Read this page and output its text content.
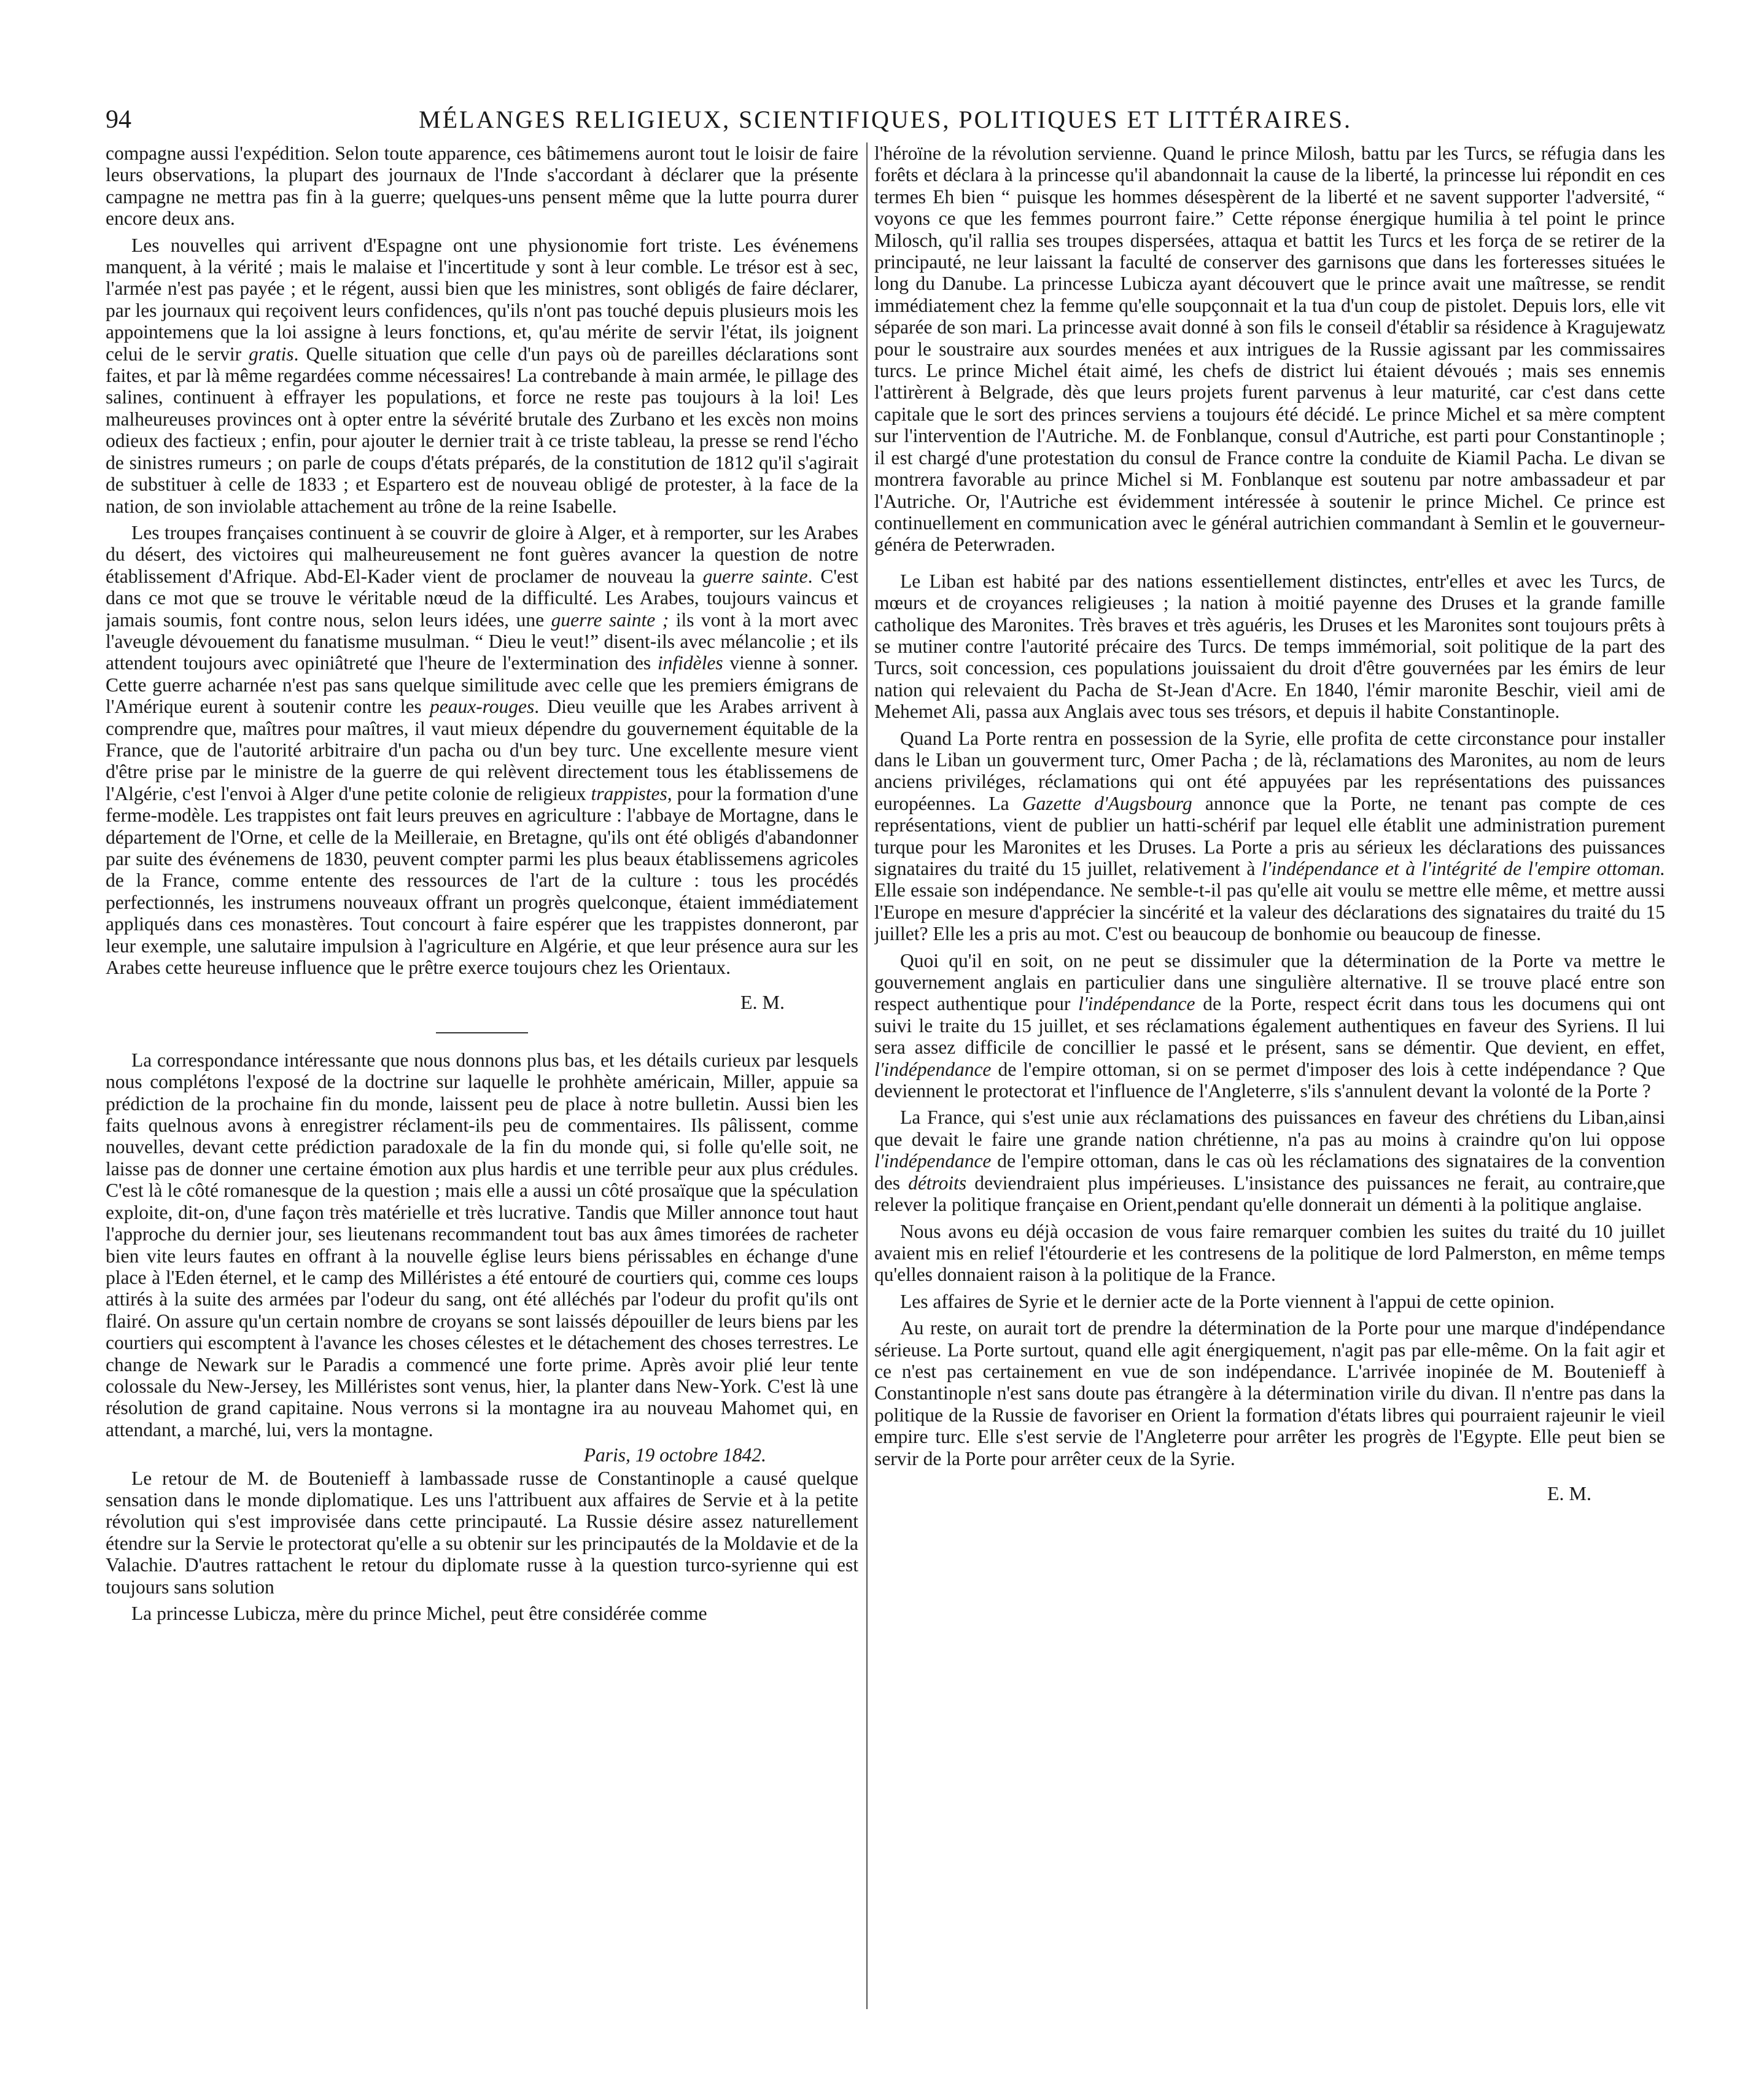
94	MÉLANGES RELIGIEUX, SCIENTIFIQUES, POLITIQUES ET LITTÉRAIRES.

compagne aussi l'expédition. Selon toute apparence, ces bâtimemens auront tout le loisir de faire leurs observations, la plupart des journaux de l'Inde s'accordant à déclarer que la présente campagne ne mettra pas fin à la guerre; quelques-uns pensent même que la lutte pourra durer encore deux ans.

Les nouvelles qui arrivent d'Espagne ont une physionomie fort triste. Les événemens manquent, à la vérité ; mais le malaise et l'incertitude y sont à leur comble. Le trésor est à sec, l'armée n'est pas payée ; et le régent, aussi bien que les ministres, sont obligés de faire déclarer, par les journaux qui reçoivent leurs confidences, qu'ils n'ont pas touché depuis plusieurs mois les appointemens que la loi assigne à leurs fonctions, et, qu'au mérite de servir l'état, ils joignent celui de le servir gratis. Quelle situation que celle d'un pays où de pareilles déclarations sont faites, et par là même regardées comme nécessaires! La contrebande à main armée, le pillage des salines, continuent à effrayer les populations, et force ne reste pas toujours à la loi! Les malheureuses provinces ont à opter entre la sévérité brutale des Zurbano et les excès non moins odieux des factieux ; enfin, pour ajouter le dernier trait à ce triste tableau, la presse se rend l'écho de sinistres rumeurs ; on parle de coups d'états préparés, de la constitution de 1812 qu'il s'agirait de substituer à celle de 1833 ; et Espartero est de nouveau obligé de protester, à la face de la nation, de son inviolable attachement au trône de la reine Isabelle.

Les troupes françaises continuent à se couvrir de gloire à Alger, et à remporter, sur les Arabes du désert, des victoires qui malheureusement ne font guères avancer la question de notre établissement d'Afrique. Abd-El-Kader vient de proclamer de nouveau la guerre sainte. C'est dans ce mot que se trouve le véritable nœud de la difficulté. Les Arabes, toujours vaincus et jamais soumis, font contre nous, selon leurs idées, une guerre sainte ; ils vont à la mort avec l'aveugle dévouement du fanatisme musulman. “ Dieu le veut!” disent-ils avec mélancolie ; et ils attendent toujours avec opiniâtreté que l'heure de l'extermination des infidèles vienne à sonner. Cette guerre acharnée n'est pas sans quelque similitude avec celle que les premiers émigrans de l'Amérique eurent à soutenir contre les peaux-rouges. Dieu veuille que les Arabes arrivent à comprendre que, maîtres pour maîtres, il vaut mieux dépendre du gouvernement équitable de la France, que de l'autorité arbitraire d'un pacha ou d'un bey turc. Une excellente mesure vient d'être prise par le ministre de la guerre de qui relèvent directement tous les établissemens de l'Algérie, c'est l'envoi à Alger d'une petite colonie de religieux trappistes, pour la formation d'une ferme-modèle. Les trappistes ont fait leurs preuves en agriculture : l'abbaye de Mortagne, dans le département de l'Orne, et celle de la Meilleraie, en Bretagne, qu'ils ont été obligés d'abandonner par suite des événemens de 1830, peuvent compter parmi les plus beaux établissemens agricoles de la France, comme entente des ressources de l'art de la culture : tous les procédés perfectionnés, les instrumens nouveaux offrant un progrès quelconque, étaient immédiatement appliqués dans ces monastères. Tout concourt à faire espérer que les trappistes donneront, par leur exemple, une salutaire impulsion à l'agriculture en Algérie, et que leur présence aura sur les Arabes cette heureuse influence que le prêtre exerce toujours chez les Orientaux.

E. M.

La correspondance intéressante que nous donnons plus bas, et les détails curieux par lesquels nous complétons l'exposé de la doctrine sur laquelle le prohhète américain, Miller, appuie sa prédiction de la prochaine fin du monde, laissent peu de place à notre bulletin. Aussi bien les faits quelnous avons à enregistrer réclament-ils peu de commentaires. Ils pâlissent, comme nouvelles, devant cette prédiction paradoxale de la fin du monde qui, si folle qu'elle soit, ne laisse pas de donner une certaine émotion aux plus hardis et une terrible peur aux plus crédules. C'est là le côté romanesque de la question ; mais elle a aussi un côté prosaïque que la spéculation exploite, dit-on, d'une façon très matérielle et très lucrative. Tandis que Miller annonce tout haut l'approche du dernier jour, ses lieutenans recommandent tout bas aux âmes timorées de racheter bien vite leurs fautes en offrant à la nouvelle église leurs biens périssables en échange d'une place à l'Eden éternel, et le camp des Milléristes a été entouré de courtiers qui, comme ces loups attirés à la suite des armées par l'odeur du sang, ont été alléchés par l'odeur du profit qu'ils ont flairé. On assure qu'un certain nombre de croyans se sont laissés dépouiller de leurs biens par les courtiers qui escomptent à l'avance les choses célestes et le détachement des choses terrestres. Le change de Newark sur le Paradis a commencé une forte prime. Après avoir plié leur tente colossale du New-Jersey, les Milléristes sont venus, hier, la planter dans New-York. C'est là une résolution de grand capitaine. Nous verrons si la montagne ira au nouveau Mahomet qui, en attendant, a marché, lui, vers la montagne.

Paris, 19 octobre 1842.

Le retour de M. de Boutenieff à lambassade russe de Constantinople a causé quelque sensation dans le monde diplomatique. Les uns l'attribuent aux affaires de Servie et à la petite révolution qui s'est improvisée dans cette principauté. La Russie désire assez naturellement étendre sur la Servie le protectorat qu'elle a su obtenir sur les principautés de la Moldavie et de la Valachie. D'autres rattachent le retour du diplomate russe à la question turco-syrienne qui est toujours sans solution

La princesse Lubicza, mère du prince Michel, peut être considérée comme

l'héroïne de la révolution servienne. Quand le prince Milosh, battu par les Turcs, se réfugia dans les forêts et déclara à la princesse qu'il abandonnait la cause de la liberté, la princesse lui répondit en ces termes Eh bien “ puisque les hommes désespèrent de la liberté et ne savent supporter l'adversité, “ voyons ce que les femmes pourront faire.” Cette réponse énergique humilia à tel point le prince Milosch, qu'il rallia ses troupes dispersées, attaqua et battit les Turcs et les força de se retirer de la principauté, ne leur laissant la faculté de conserver des garnisons que dans les forteresses situées le long du Danube. La princesse Lubicza ayant découvert que le prince avait une maîtresse, se rendit immédiatement chez la femme qu'elle soupçonnait et la tua d'un coup de pistolet. Depuis lors, elle vit séparée de son mari. La princesse avait donné à son fils le conseil d'établir sa résidence à Kragujewatz pour le soustraire aux sourdes menées et aux intrigues de la Russie agissant par les commissaires turcs. Le prince Michel était aimé, les chefs de district lui étaient dévoués ; mais ses ennemis l'attirèrent à Belgrade, dès que leurs projets furent parvenus à leur maturité, car c'est dans cette capitale que le sort des princes serviens a toujours été décidé. Le prince Michel et sa mère comptent sur l'intervention de l'Autriche. M. de Fonblanque, consul d'Autriche, est parti pour Constantinople ; il est chargé d'une protestation du consul de France contre la conduite de Kiamil Pacha. Le divan se montrera favorable au prince Michel si M. Fonblanque est soutenu par notre ambassadeur et par l'Autriche. Or, l'Autriche est évidemment intéressée à soutenir le prince Michel. Ce prince est continuellement en communication avec le général autrichien commandant à Semlin et le gouverneur-généra de Peterwraden.

Le Liban est habité par des nations essentiellement distinctes, entr'elles et avec les Turcs, de mœurs et de croyances religieuses ; la nation à moitié payenne des Druses et la grande famille catholique des Maronites. Très braves et très aguéris, les Druses et les Maronites sont toujours prêts à se mutiner contre l'autorité précaire des Turcs. De temps immémorial, soit politique de la part des Turcs, soit concession, ces populations jouissaient du droit d'être gouvernées par les émirs de leur nation qui relevaient du Pacha de St-Jean d'Acre. En 1840, l'émir maronite Beschir, vieil ami de Mehemet Ali, passa aux Anglais avec tous ses trésors, et depuis il habite Constantinople.

Quand La Porte rentra en possession de la Syrie, elle profita de cette circonstance pour installer dans le Liban un gouverment turc, Omer Pacha ; de là, réclamations des Maronites, au nom de leurs anciens priviléges, réclamations qui ont été appuyées par les représentations des puissances européennes. La Gazette d'Augsbourg annonce que la Porte, ne tenant pas compte de ces représentations, vient de publier un hatti-schérif par lequel elle établit une administration purement turque pour les Maronites et les Druses. La Porte a pris au sérieux les déclarations des puissances signataires du traité du 15 juillet, relativement à l'indépendance et à l'intégrité de l'empire ottoman. Elle essaie son indépendance. Ne semble-t-il pas qu'elle ait voulu se mettre elle même, et mettre aussi l'Europe en mesure d'apprécier la sincérité et la valeur des déclarations des signataires du traité du 15 juillet? Elle les a pris au mot. C'est ou beaucoup de bonhomie ou beaucoup de finesse.

Quoi qu'il en soit, on ne peut se dissimuler que la détermination de la Porte va mettre le gouvernement anglais en particulier dans une singulière alternative. Il se trouve placé entre son respect authentique pour l'indépendance de la Porte, respect écrit dans tous les documens qui ont suivi le traite du 15 juillet, et ses réclamations également authentiques en faveur des Syriens. Il lui sera assez difficile de concillier le passé et le présent, sans se démentir. Que devient, en effet, l'indépendance de l'empire ottoman, si on se permet d'imposer des lois à cette indépendance ? Que deviennent le protectorat et l'influence de l'Angleterre, s'ils s'annulent devant la volonté de la Porte ?

La France, qui s'est unie aux réclamations des puissances en faveur des chrétiens du Liban,ainsi que devait le faire une grande nation chrétienne, n'a pas au moins à craindre qu'on lui oppose l'indépendance de l'empire ottoman, dans le cas où les réclamations des signataires de la convention des détroits deviendraient plus impérieuses. L'insistance des puissances ne ferait, au contraire,que relever la politique française en Orient,pendant qu'elle donnerait un démenti à la politique anglaise.

Nous avons eu déjà occasion de vous faire remarquer combien les suites du traité du 10 juillet avaient mis en relief l'étourderie et les contresens de la politique de lord Palmerston, en même temps qu'elles donnaient raison à la politique de la France.

Les affaires de Syrie et le dernier acte de la Porte viennent à l'appui de cette opinion.

Au reste, on aurait tort de prendre la détermination de la Porte pour une marque d'indépendance sérieuse. La Porte surtout, quand elle agit énergiquement, n'agit pas par elle-même. On la fait agir et ce n'est pas certainement en vue de son indépendance. L'arrivée inopinée de M. Boutenieff à Constantinople n'est sans doute pas étrangère à la détermination virile du divan. Il n'entre pas dans la politique de la Russie de favoriser en Orient la formation d'états libres qui pourraient rajeunir le vieil empire turc. Elle s'est servie de l'Angleterre pour arrêter les progrès de l'Egypte. Elle peut bien se servir de la Porte pour arrêter ceux de la Syrie.

E. M.
